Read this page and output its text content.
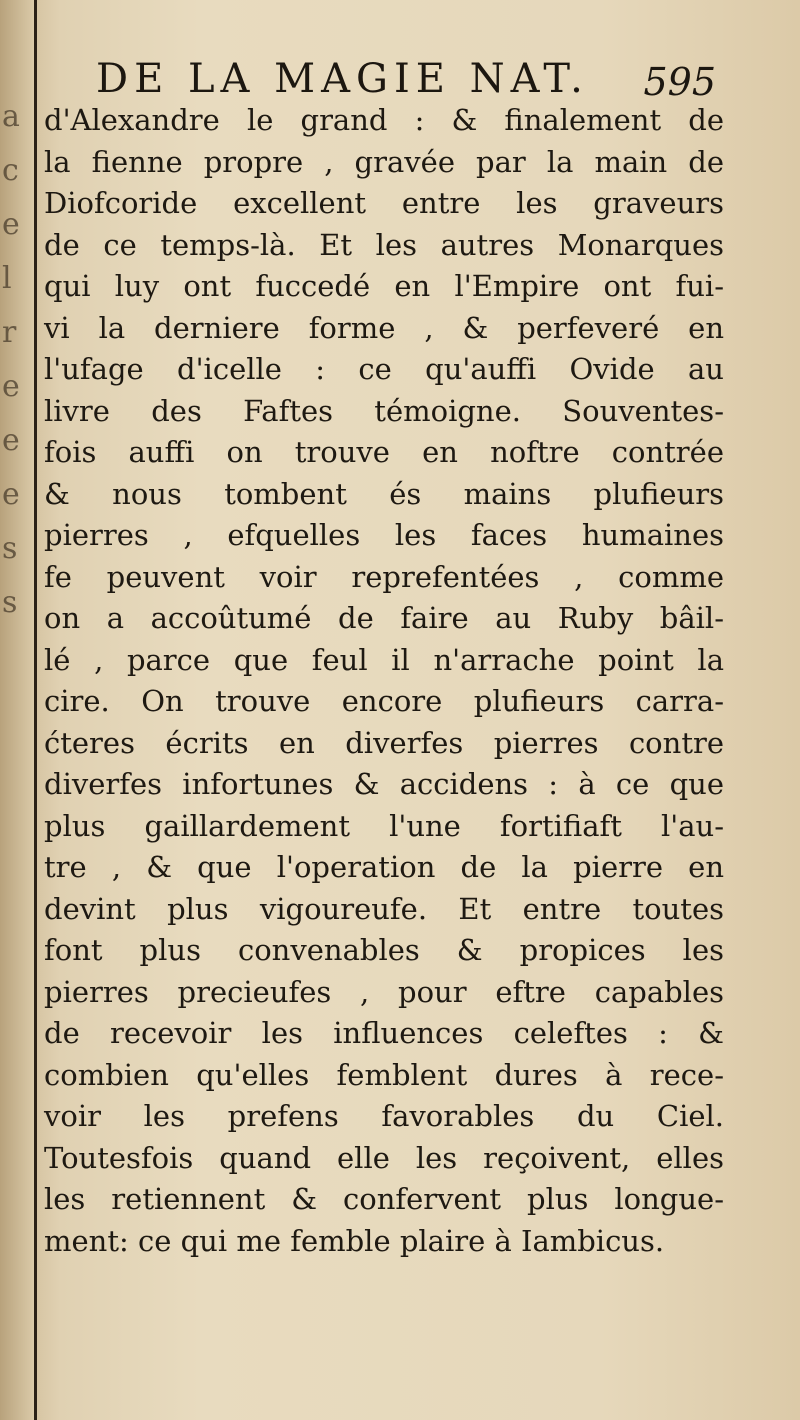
a
c
e
l
r
e
e
e
s
s
DE LA MAGIE NAT.	595
d'Alexandre le grand : & finalement de
la fienne propre , gravée par la main de
Diofcoride excellent entre les graveurs
de ce temps-là. Et les autres Monarques
qui luy ont fuccedé en l'Empire ont fui-
vi la derniere forme , & perfeveré en
l'ufage d'icelle : ce qu'auffi Ovide au
livre des Faftes témoigne. Souventes-
fois auffi on trouve en noftre contrée
& nous tombent és mains plufieurs
pierres , efquelles les faces humaines
fe peuvent voir reprefentées , comme
on a accoûtumé de faire au Ruby bâil-
lé , parce que feul il n'arrache point la
cire. On trouve encore plufieurs carra-
ćteres écrits en diverfes pierres contre
diverfes infortunes & accidens : à ce que
plus gaillardement l'une fortifiaft l'au-
tre , & que l'operation de la pierre en
devint plus vigoureufe. Et entre toutes
font plus convenables & propices les
pierres precieufes , pour eftre capables
de recevoir les influences celeftes : &
combien qu'elles femblent dures à rece-
voir les prefens favorables du Ciel.
Toutesfois quand elle les reçoivent, elles
les retiennent & confervent plus longue-
ment: ce qui me femble plaire à Iambicus.
